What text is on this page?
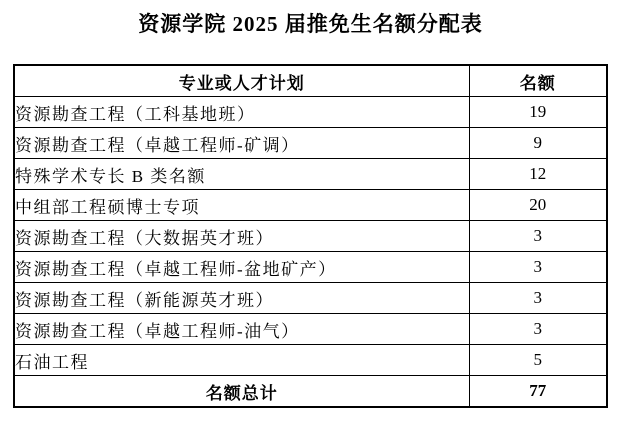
资源学院 2025 届推免生名额分配表
专业或人才计划	名额
资源勘查工程（工科基地班）	19
资源勘查工程（卓越工程师-矿调）	9
特殊学术专长 B 类名额	12
中组部工程硕博士专项	20
资源勘查工程（大数据英才班）	3
资源勘查工程（卓越工程师-盆地矿产）	3
资源勘查工程（新能源英才班）	3
资源勘查工程（卓越工程师-油气）	3
石油工程	5
名额总计	77
